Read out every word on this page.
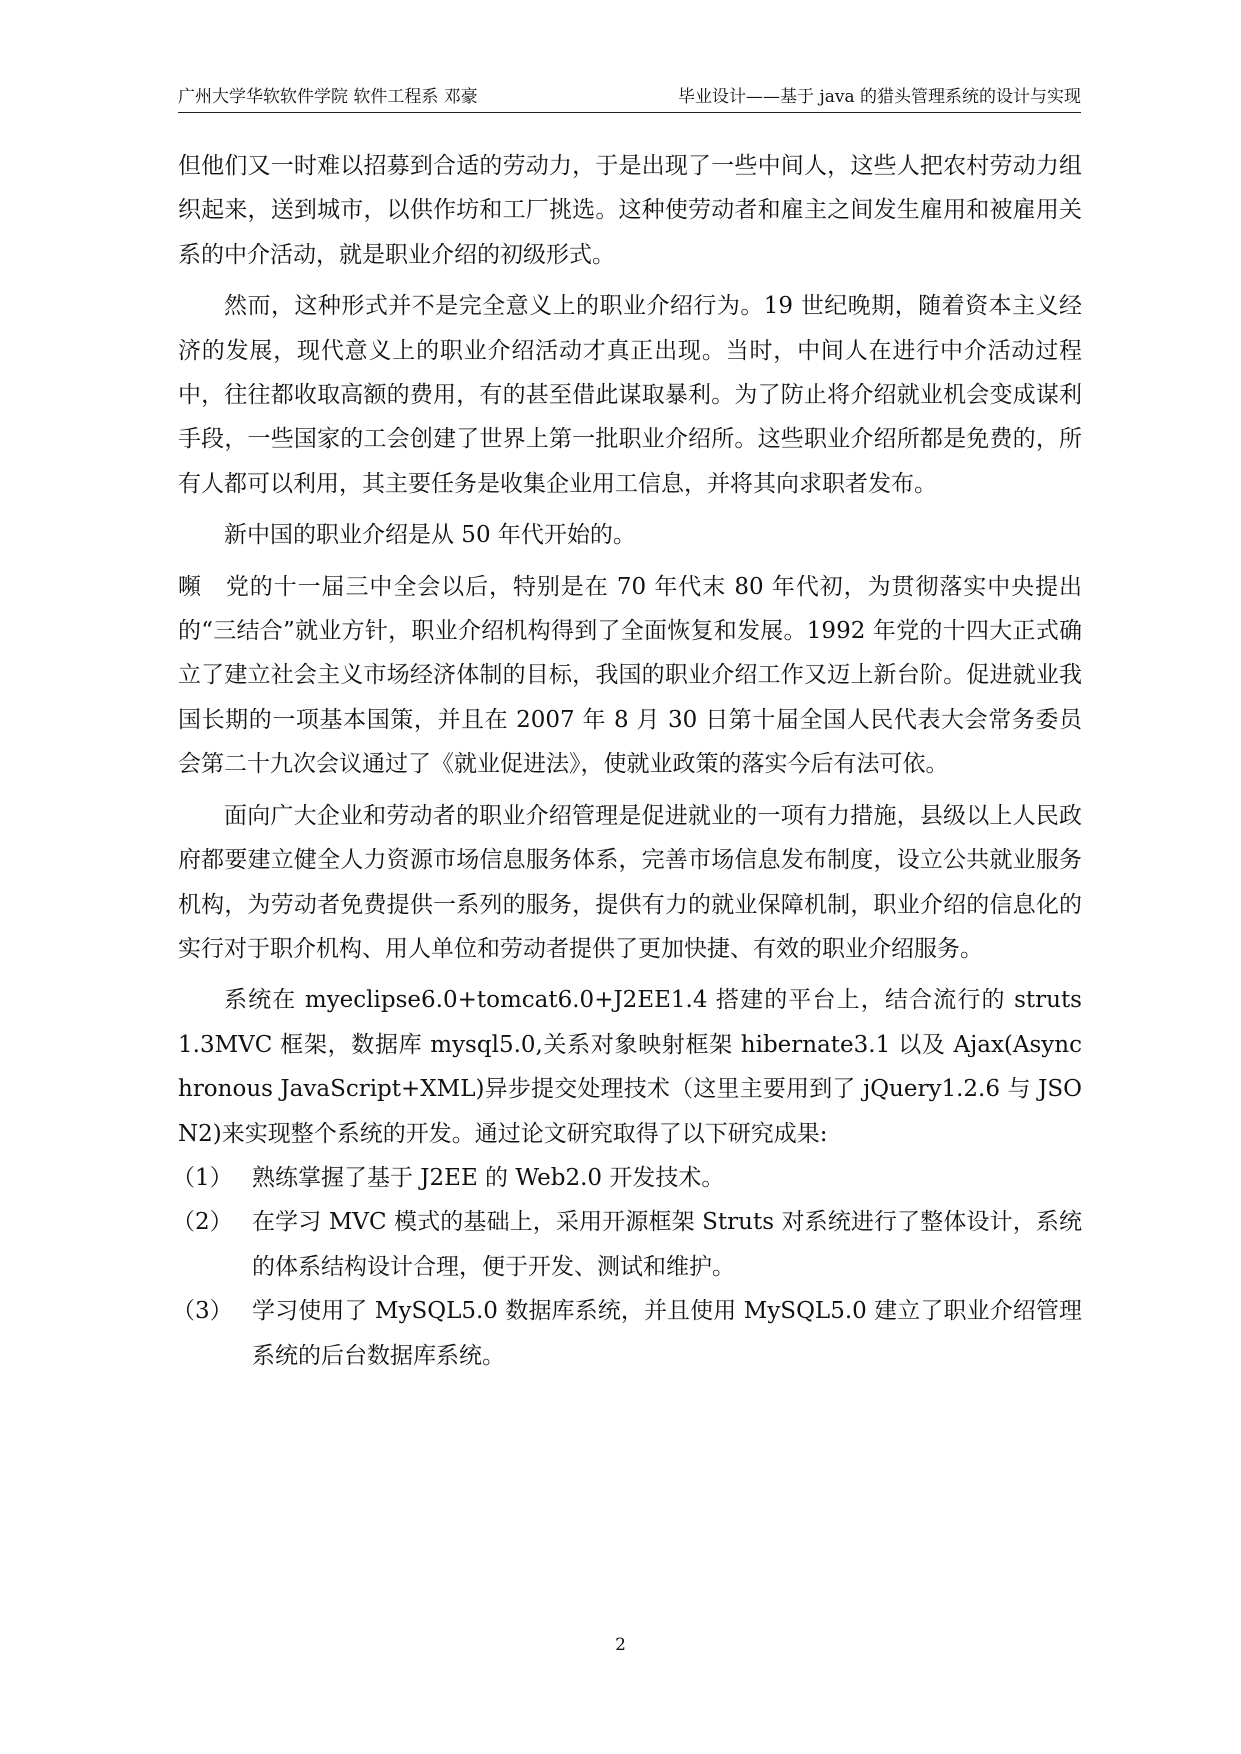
广州大学华软软件学院 软件工程系 邓豪	毕业设计——基于 java 的猎头管理系统的设计与实现

但他们又一时难以招募到合适的劳动力，于是出现了一些中间人，这些人把农村劳动力组织起来，送到城市，以供作坊和工厂挑选。这种使劳动者和雇主之间发生雇用和被雇用关系的中介活动，就是职业介绍的初级形式。

然而，这种形式并不是完全意义上的职业介绍行为。19 世纪晚期，随着资本主义经济的发展，现代意义上的职业介绍活动才真正出现。当时，中间人在进行中介活动过程中，往往都收取高额的费用，有的甚至借此谋取暴利。为了防止将介绍就业机会变成谋利手段，一些国家的工会创建了世界上第一批职业介绍所。这些职业介绍所都是免费的，所有人都可以利用，其主要任务是收集企业用工信息，并将其向求职者发布。

新中国的职业介绍是从 50 年代开始的。

嚬　党的十一届三中全会以后，特别是在 70 年代末 80 年代初，为贯彻落实中央提出的“三结合”就业方针，职业介绍机构得到了全面恢复和发展。1992 年党的十四大正式确立了建立社会主义市场经济体制的目标，我国的职业介绍工作又迈上新台阶。促进就业我国长期的一项基本国策，并且在 2007 年 8 月 30 日第十届全国人民代表大会常务委员会第二十九次会议通过了《就业促进法》，使就业政策的落实今后有法可依。

面向广大企业和劳动者的职业介绍管理是促进就业的一项有力措施，县级以上人民政府都要建立健全人力资源市场信息服务体系，完善市场信息发布制度，设立公共就业服务机构，为劳动者免费提供一系列的服务，提供有力的就业保障机制，职业介绍的信息化的实行对于职介机构、用人单位和劳动者提供了更加快捷、有效的职业介绍服务。

系统在 myeclipse6.0+tomcat6.0+J2EE1.4 搭建的平台上，结合流行的 struts1.3MVC 框架，数据库 mysql5.0,关系对象映射框架 hibernate3.1 以及 Ajax(Asynchronous JavaScript+XML)异步提交处理技术（这里主要用到了 jQuery1.2.6 与 JSON2)来实现整个系统的开发。通过论文研究取得了以下研究成果:

（1） 熟练掌握了基于 J2EE 的 Web2.0 开发技术。
（2） 在学习 MVC 模式的基础上，采用开源框架 Struts 对系统进行了整体设计，系统的体系结构设计合理，便于开发、测试和维护。
（3） 学习使用了 MySQL5.0 数据库系统，并且使用 MySQL5.0 建立了职业介绍管理系统的后台数据库系统。
2
